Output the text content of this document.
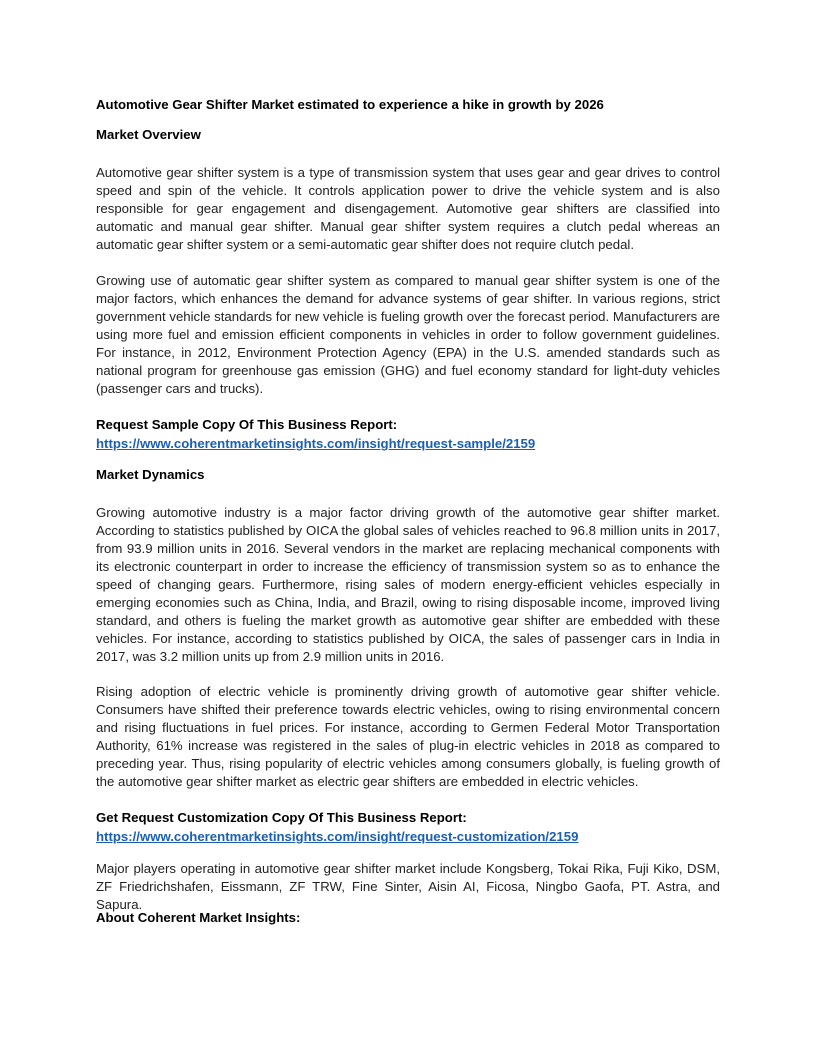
Automotive Gear Shifter Market estimated to experience a hike in growth by 2026
Market Overview
Automotive gear shifter system is a type of transmission system that uses gear and gear drives to control speed and spin of the vehicle. It controls application power to drive the vehicle system and is also responsible for gear engagement and disengagement. Automotive gear shifters are classified into automatic and manual gear shifter. Manual gear shifter system requires a clutch pedal whereas an automatic gear shifter system or a semi-automatic gear shifter does not require clutch pedal.
Growing use of automatic gear shifter system as compared to manual gear shifter system is one of the major factors, which enhances the demand for advance systems of gear shifter. In various regions, strict government vehicle standards for new vehicle is fueling growth over the forecast period. Manufacturers are using more fuel and emission efficient components in vehicles in order to follow government guidelines. For instance, in 2012, Environment Protection Agency (EPA) in the U.S. amended standards such as national program for greenhouse gas emission (GHG) and fuel economy standard for light-duty vehicles (passenger cars and trucks).
Request Sample Copy Of This Business Report:
https://www.coherentmarketinsights.com/insight/request-sample/2159
Market Dynamics
Growing automotive industry is a major factor driving growth of the automotive gear shifter market. According to statistics published by OICA the global sales of vehicles reached to 96.8 million units in 2017, from 93.9 million units in 2016. Several vendors in the market are replacing mechanical components with its electronic counterpart in order to increase the efficiency of transmission system so as to enhance the speed of changing gears. Furthermore, rising sales of modern energy-efficient vehicles especially in emerging economies such as China, India, and Brazil, owing to rising disposable income, improved living standard, and others is fueling the market growth as automotive gear shifter are embedded with these vehicles. For instance, according to statistics published by OICA, the sales of passenger cars in India in 2017, was 3.2 million units up from 2.9 million units in 2016.
Rising adoption of electric vehicle is prominently driving growth of automotive gear shifter vehicle. Consumers have shifted their preference towards electric vehicles, owing to rising environmental concern and rising fluctuations in fuel prices. For instance, according to Germen Federal Motor Transportation Authority, 61% increase was registered in the sales of plug-in electric vehicles in 2018 as compared to preceding year. Thus, rising popularity of electric vehicles among consumers globally, is fueling growth of the automotive gear shifter market as electric gear shifters are embedded in electric vehicles.
Get Request Customization Copy Of This Business Report:
https://www.coherentmarketinsights.com/insight/request-customization/2159
Major players operating in automotive gear shifter market include Kongsberg, Tokai Rika, Fuji Kiko, DSM, ZF Friedrichshafen, Eissmann, ZF TRW, Fine Sinter, Aisin AI, Ficosa, Ningbo Gaofa, PT. Astra, and Sapura.
About Coherent Market Insights:
